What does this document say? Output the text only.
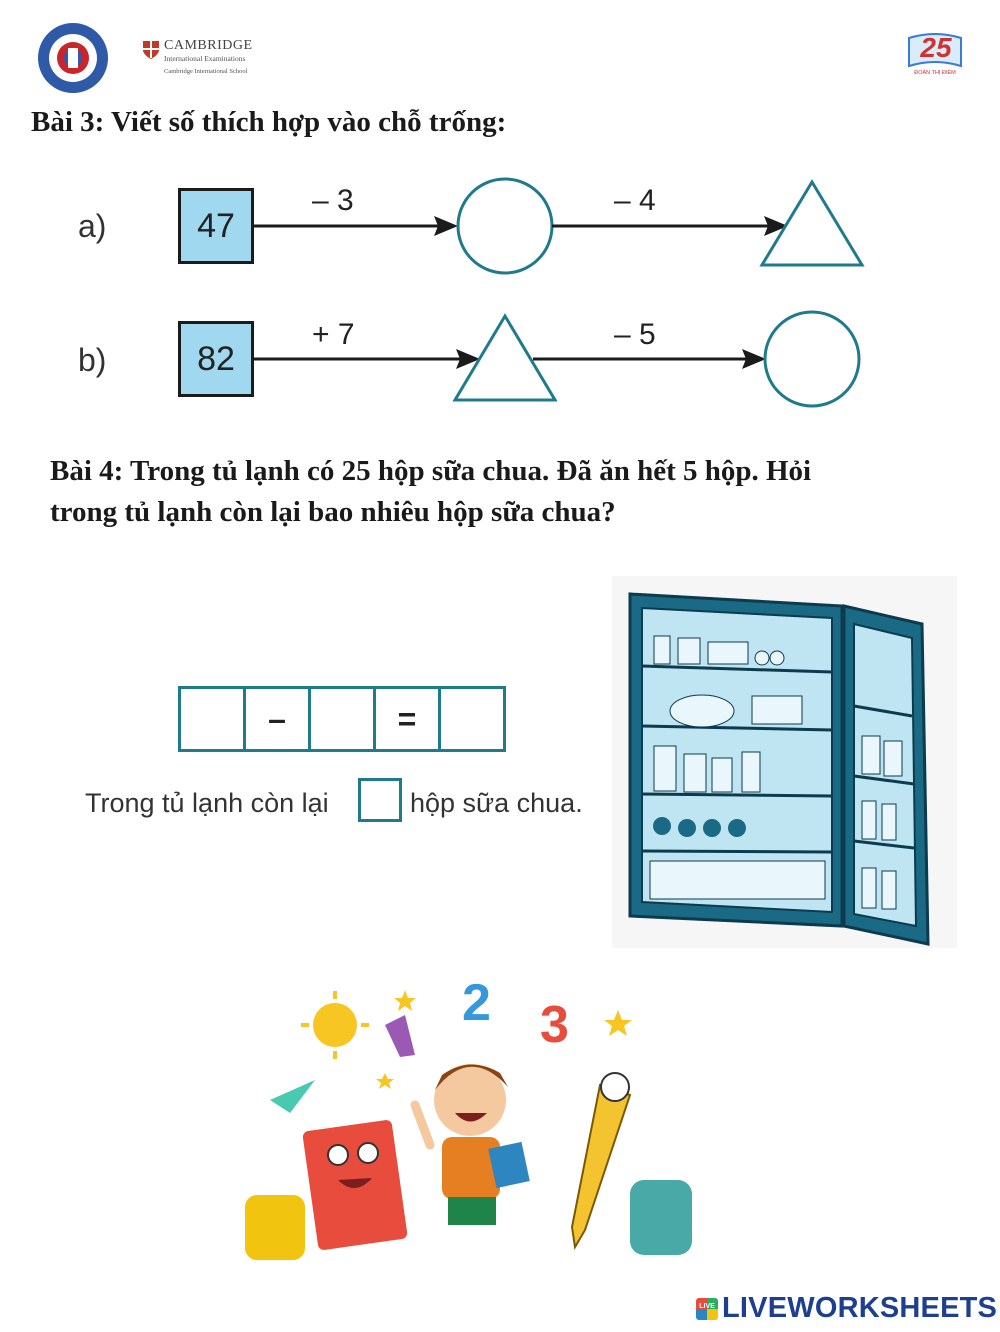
CAMBRIDGE
International Examinations
Cambridge International School
25
ĐOÀN THỊ ĐIỂM
Bài 3: Viết số thích hợp vào chỗ trống:
a)	47
– 3	– 4
b)	82
+ 7	– 5
Bài 4: Trong tủ lạnh có 25 hộp sữa chua. Đã ăn hết 5 hộp. Hỏi
trong tủ lạnh còn lại bao nhiêu hộp sữa chua?
–	=
Trong tủ lạnh còn lại	hộp sữa chua.
2 3
LIVE LIVEWORKSHEETS
